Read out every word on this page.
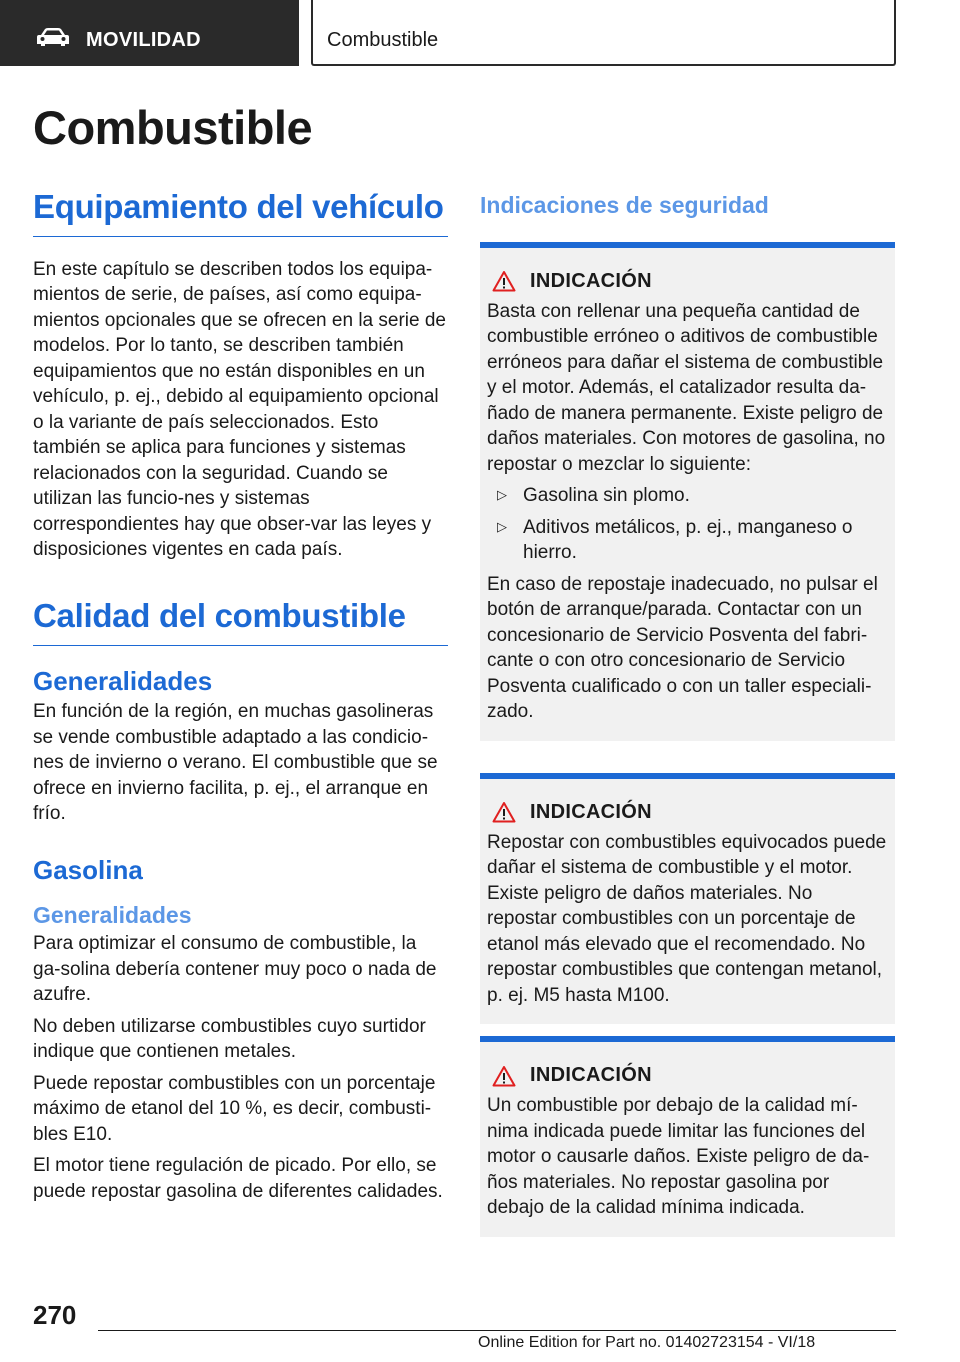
MOVILIDAD	Combustible
Combustible
Equipamiento del vehículo

En este capítulo se describen todos los equipa-mientos de serie, de países, así como equipa-mientos opcionales que se ofrecen en la serie de modelos. Por lo tanto, se describen también equipamientos que no están disponibles en un vehículo, p. ej., debido al equipamiento opcional o la variante de país seleccionados. Esto también se aplica para funciones y sistemas relacionados con la seguridad. Cuando se utilizan las funcio-nes y sistemas correspondientes hay que obser-var las leyes y disposiciones vigentes en cada país.

Calidad del combustible
Generalidades

En función de la región, en muchas gasolineras se vende combustible adaptado a las condicio-nes de invierno o verano. El combustible que se ofrece en invierno facilita, p. ej., el arranque en frío.

Gasolina
Generalidades

Para optimizar el consumo de combustible, la ga-solina debería contener muy poco o nada de azufre.

No deben utilizarse combustibles cuyo surtidor indique que contienen metales.

Puede repostar combustibles con un porcentaje máximo de etanol del 10 %, es decir, combusti-bles E10.

El motor tiene regulación de picado. Por ello, se puede repostar gasolina de diferentes calidades.

Indicaciones de seguridad
INDICACIÓN

Basta con rellenar una pequeña cantidad de combustible erróneo o aditivos de combustible erróneos para dañar el sistema de combustible y el motor. Además, el catalizador resulta da-ñado de manera permanente. Existe peligro de daños materiales. Con motores de gasolina, no repostar o mezclar lo siguiente:

▷ Gasolina sin plomo.
▷ Aditivos metálicos, p. ej., manganeso o hierro.

En caso de repostaje inadecuado, no pulsar el botón de arranque/parada. Contactar con un concesionario de Servicio Posventa del fabri-cante o con otro concesionario de Servicio Posventa cualificado o con un taller especiali-zado.

INDICACIÓN

Repostar con combustibles equivocados puede dañar el sistema de combustible y el motor. Existe peligro de daños materiales. No repostar combustibles con un porcentaje de etanol más elevado que el recomendado. No repostar combustibles que contengan metanol, p. ej. M5 hasta M100.

INDICACIÓN

Un combustible por debajo de la calidad mí-nima indicada puede limitar las funciones del motor o causarle daños. Existe peligro de da-ños materiales. No repostar gasolina por debajo de la calidad mínima indicada.

270
Online Edition for Part no. 01402723154 - VI/18
